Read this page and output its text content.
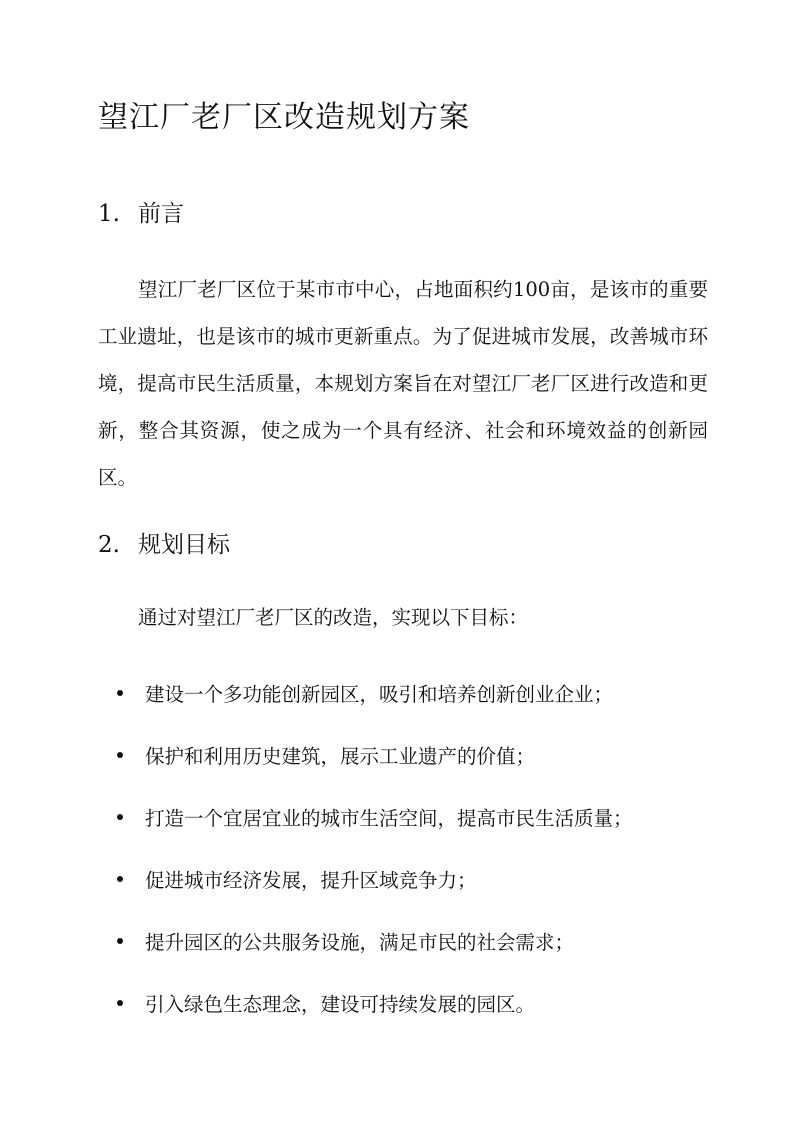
望江厂老厂区改造规划方案
1. 前言
望江厂老厂区位于某市市中心，占地面积约100亩，是该市的重要工业遗址，也是该市的城市更新重点。为了促进城市发展，改善城市环境，提高市民生活质量，本规划方案旨在对望江厂老厂区进行改造和更新，整合其资源，使之成为一个具有经济、社会和环境效益的创新园区。
2. 规划目标
通过对望江厂老厂区的改造，实现以下目标：
建设一个多功能创新园区，吸引和培养创新创业企业；
保护和利用历史建筑，展示工业遗产的价值；
打造一个宜居宜业的城市生活空间，提高市民生活质量；
促进城市经济发展，提升区域竞争力；
提升园区的公共服务设施，满足市民的社会需求；
引入绿色生态理念，建设可持续发展的园区。
